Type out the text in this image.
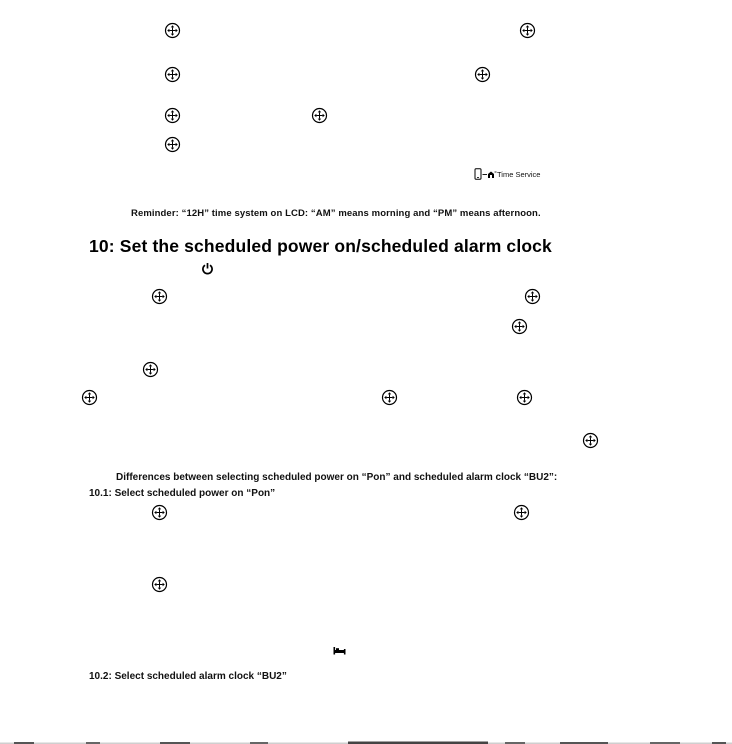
Time Service
Reminder: “12H” time system on LCD: “AM” means morning and “PM” means afternoon.
10: Set the scheduled power on/scheduled alarm clock
Differences between selecting scheduled power on “Pon” and scheduled alarm clock “BU2”:
10.1: Select scheduled power on “Pon”
10.2: Select scheduled alarm clock “BU2”
